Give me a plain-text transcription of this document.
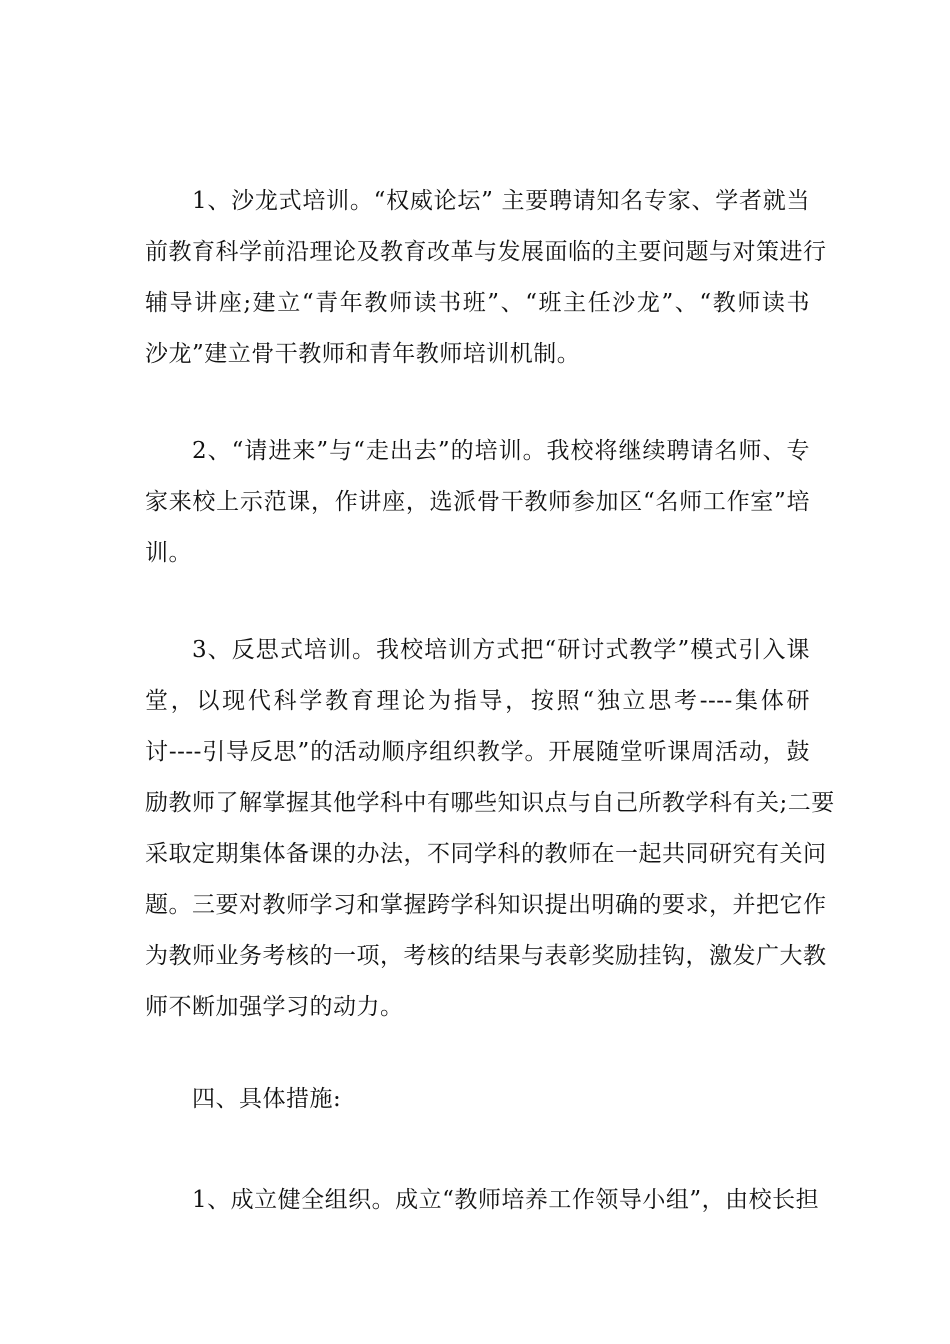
1、沙龙式培训。“权威论坛” 主要聘请知名专家、学者就当
前教育科学前沿理论及教育改革与发展面临的主要问题与对策进行
辅导讲座;建立“青年教师读书班”、“班主任沙龙”、“教师读书
沙龙”建立骨干教师和青年教师培训机制。
2、“请进来”与“走出去”的培训。我校将继续聘请名师、专
家来校上示范课，作讲座，选派骨干教师参加区“名师工作室”培
训。
3、反思式培训。我校培训方式把“研讨式教学”模式引入课
堂，以现代科学教育理论为指导，按照“独立思考----集体研
讨----引导反思”的活动顺序组织教学。开展随堂听课周活动，鼓
励教师了解掌握其他学科中有哪些知识点与自己所教学科有关;二要
采取定期集体备课的办法，不同学科的教师在一起共同研究有关问
题。三要对教师学习和掌握跨学科知识提出明确的要求，并把它作
为教师业务考核的一项，考核的结果与表彰奖励挂钩，激发广大教
师不断加强学习的动力。
四、具体措施:
1、成立健全组织。成立“教师培养工作领导小组”，由校长担
